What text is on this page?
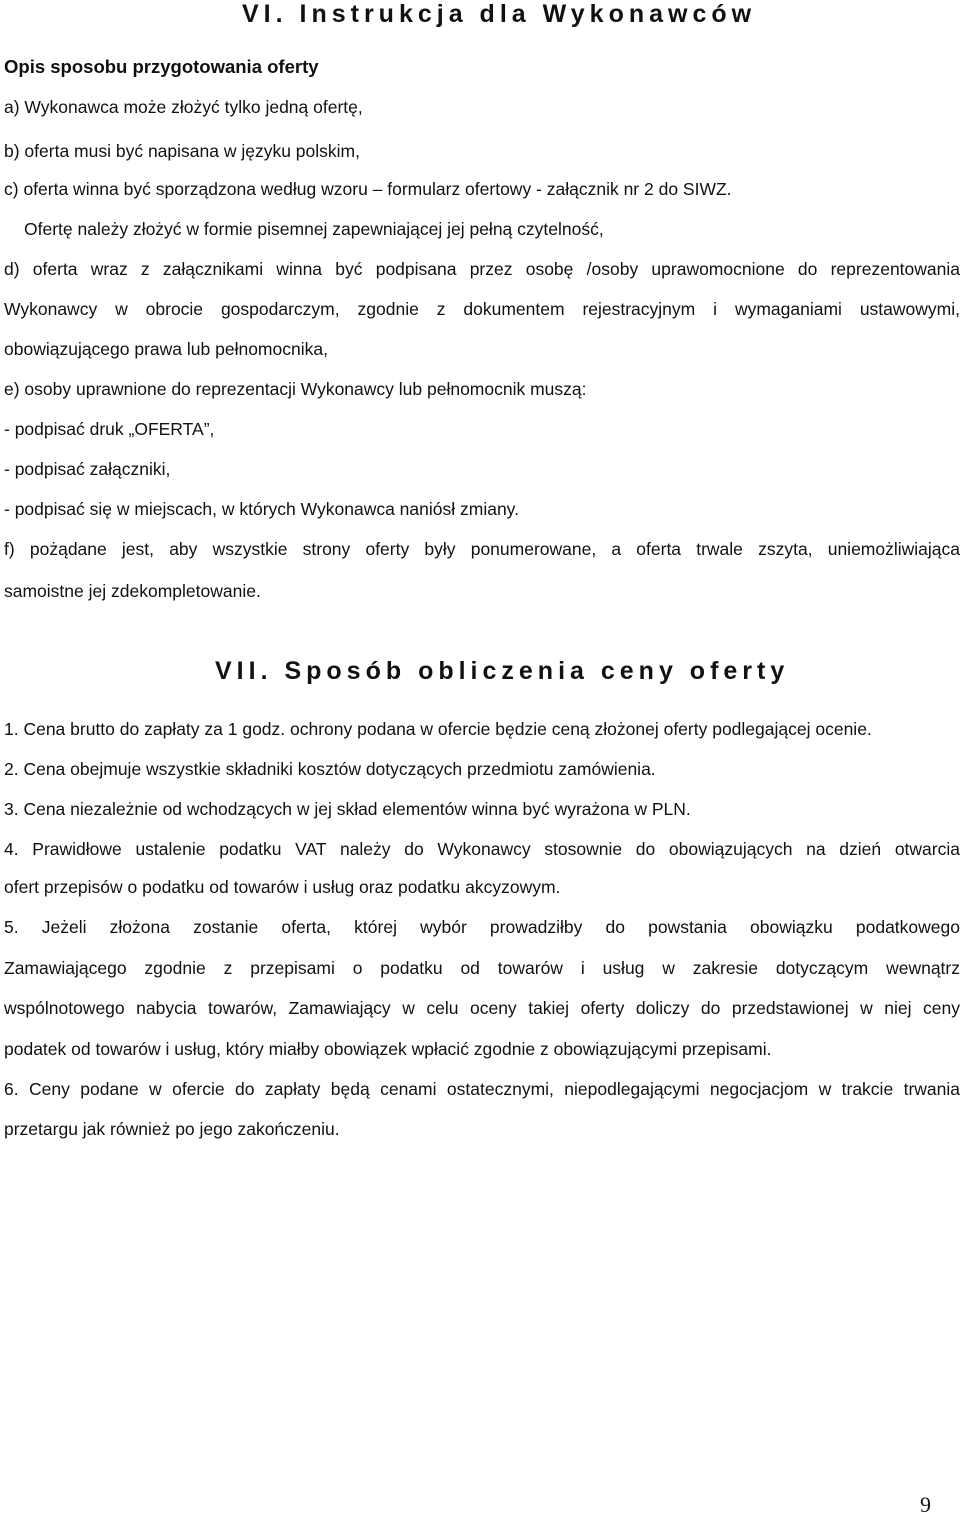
VI. Instrukcja dla Wykonawców
Opis sposobu przygotowania oferty
a) Wykonawca może złożyć tylko jedną ofertę,
b) oferta musi być napisana w języku polskim,
c) oferta winna być sporządzona według wzoru – formularz ofertowy - załącznik nr 2 do SIWZ.
Ofertę należy złożyć w formie pisemnej zapewniającej jej pełną czytelność,
d) oferta wraz z załącznikami winna być podpisana przez osobę /osoby uprawomocnione do reprezentowania
Wykonawcy w obrocie gospodarczym, zgodnie z dokumentem rejestracyjnym i wymaganiami ustawowymi,
obowiązującego prawa lub pełnomocnika,
e) osoby uprawnione do reprezentacji Wykonawcy lub pełnomocnik muszą:
- podpisać druk „OFERTA”,
- podpisać załączniki,
- podpisać się w miejscach, w których Wykonawca naniósł zmiany.
f) pożądane jest, aby wszystkie strony oferty były ponumerowane, a oferta trwale zszyta, uniemożliwiająca
samoistne jej zdekompletowanie.
VII. Sposób obliczenia ceny oferty
1. Cena brutto do zapłaty za 1 godz. ochrony podana w ofercie będzie ceną złożonej oferty podlegającej ocenie.
2. Cena obejmuje wszystkie składniki kosztów dotyczących przedmiotu zamówienia.
3. Cena niezależnie od wchodzących w jej skład elementów winna być wyrażona w PLN.
4. Prawidłowe ustalenie podatku VAT należy do Wykonawcy stosownie do obowiązujących na dzień otwarcia
ofert przepisów o podatku od towarów i usług oraz podatku akcyzowym.
5. Jeżeli złożona zostanie oferta, której wybór prowadziłby do powstania obowiązku podatkowego
Zamawiającego zgodnie z przepisami o podatku od towarów i usług w zakresie dotyczącym wewnątrz
wspólnotowego nabycia towarów, Zamawiający w celu oceny takiej oferty doliczy do przedstawionej w niej ceny
podatek od towarów i usług, który miałby obowiązek wpłacić zgodnie z obowiązującymi przepisami.
6. Ceny podane w ofercie do zapłaty będą cenami ostatecznymi, niepodlegającymi negocjacjom w trakcie trwania
przetargu jak również po jego zakończeniu.
9
